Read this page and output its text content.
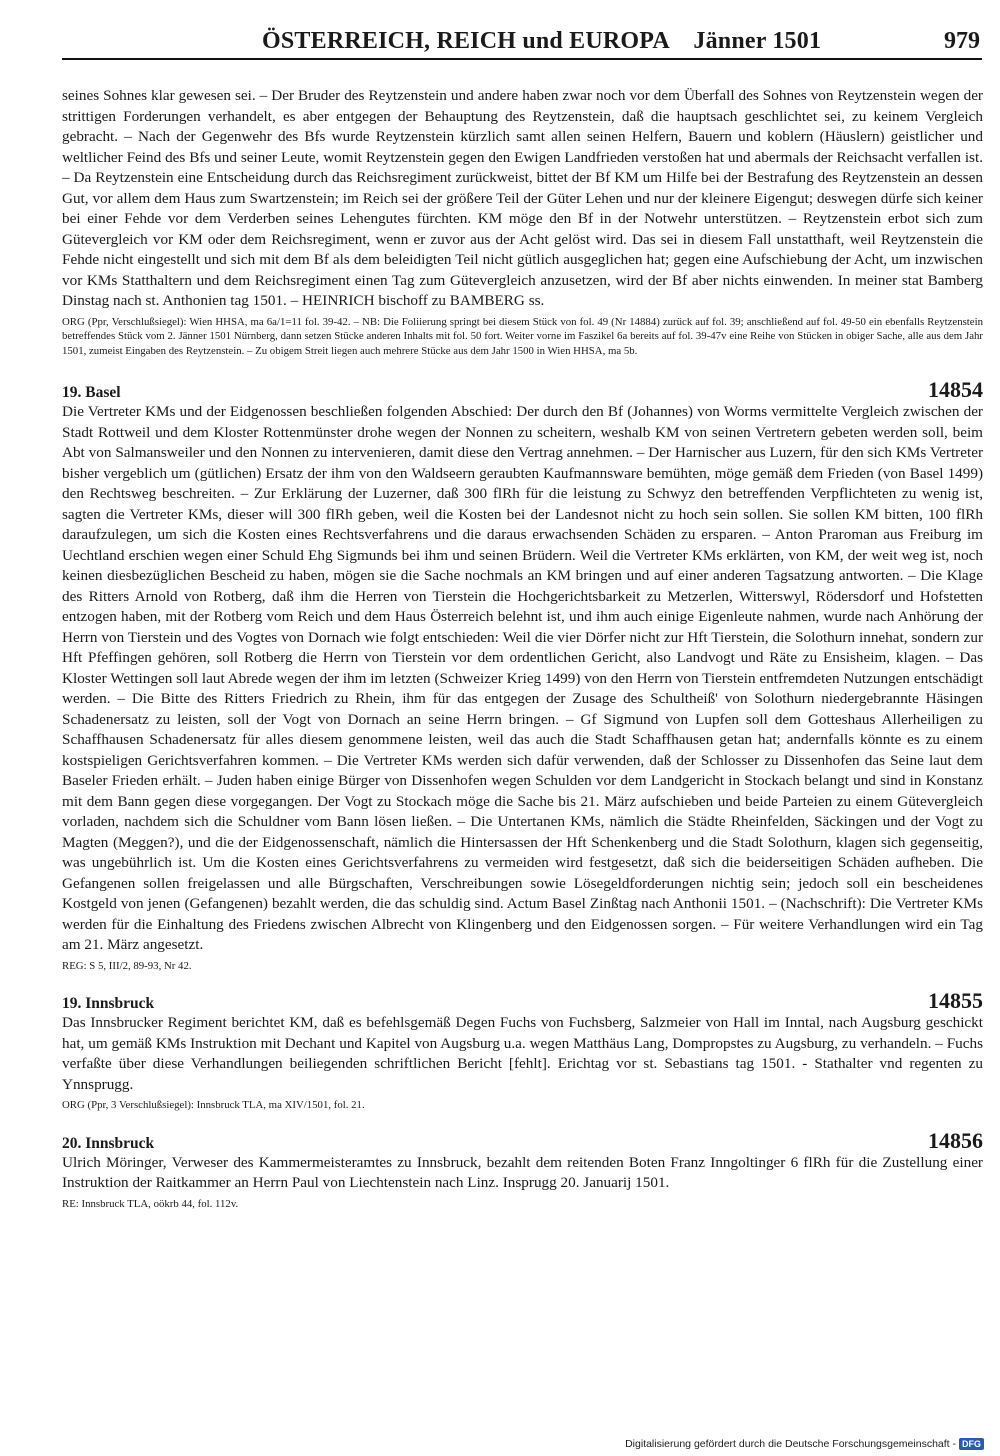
ÖSTERREICH, REICH und EUROPA    Jänner 1501	979

seines Sohnes klar gewesen sei. – Der Bruder des Reytzenstein und andere haben zwar noch vor dem Überfall des Sohnes von Reytzenstein wegen der strittigen Forderungen verhandelt, es aber entgegen der Behauptung des Reytzenstein, daß die hauptsach geschlichtet sei, zu keinem Vergleich gebracht. – Nach der Gegenwehr des Bfs wurde Reytzenstein kürzlich samt allen seinen Helfern, Bauern und koblern (Häuslern) geistlicher und weltlicher Feind des Bfs und seiner Leute, womit Reytzenstein gegen den Ewigen Landfrieden verstoßen hat und abermals der Reichsacht verfallen ist. – Da Reytzenstein eine Entscheidung durch das Reichsregiment zurückweist, bittet der Bf KM um Hilfe bei der Bestrafung des Reytzenstein an dessen Gut, vor allem dem Haus zum Swartzenstein; im Reich sei der größere Teil der Güter Lehen und nur der kleinere Eigengut; deswegen dürfe sich keiner bei einer Fehde vor dem Verderben seines Lehengutes fürchten. KM möge den Bf in der Notwehr unterstützen. – Reytzenstein erbot sich zum Gütevergleich vor KM oder dem Reichsregiment, wenn er zuvor aus der Acht gelöst wird. Das sei in diesem Fall unstatthaft, weil Reytzenstein die Fehde nicht eingestellt und sich mit dem Bf als dem beleidigten Teil nicht gütlich ausgeglichen hat; gegen eine Aufschiebung der Acht, um inzwischen vor KMs Statthaltern und dem Reichsregiment einen Tag zum Gütevergleich anzusetzen, wird der Bf aber nichts einwenden. In meiner stat Bamberg Dinstag nach st. Anthonien tag 1501. – HEINRICH bischoff zu BAMBERG ss.

ORG (Ppr, Verschlußsiegel): Wien HHSA, ma 6a/1=11 fol. 39-42. – NB: Die Foliierung springt bei diesem Stück von fol. 49 (Nr 14884) zurück auf fol. 39; anschließend auf fol. 49-50 ein ebenfalls Reytzenstein betreffendes Stück vom 2. Jänner 1501 Nürnberg, dann setzen Stücke anderen Inhalts mit fol. 50 fort. Weiter vorne im Faszikel 6a bereits auf fol. 39-47v eine Reihe von Stücken in obiger Sache, alle aus dem Jahr 1501, zumeist Eingaben des Reytzenstein. – Zu obigem Streit liegen auch mehrere Stücke aus dem Jahr 1500 in Wien HHSA, ma 5b.

19. Basel	14854

Die Vertreter KMs und der Eidgenossen beschließen folgenden Abschied: Der durch den Bf (Johannes) von Worms vermittelte Vergleich zwischen der Stadt Rottweil und dem Kloster Rottenmünster drohe wegen der Nonnen zu scheitern, weshalb KM von seinen Vertretern gebeten werden soll, beim Abt von Salmansweiler und den Nonnen zu intervenieren, damit diese den Vertrag annehmen. – Der Harnischer aus Luzern, für den sich KMs Vertreter bisher vergeblich um (gütlichen) Ersatz der ihm von den Waldseern geraubten Kaufmannsware bemühten, möge gemäß dem Frieden (von Basel 1499) den Rechtsweg beschreiten. – Zur Erklärung der Luzerner, daß 300 flRh für die leistung zu Schwyz den betreffenden Verpflichteten zu wenig ist, sagten die Vertreter KMs, dieser will 300 flRh geben, weil die Kosten bei der Landesnot nicht zu hoch sein sollen. Sie sollen KM bitten, 100 flRh daraufzulegen, um sich die Kosten eines Rechtsverfahrens und die daraus erwachsenden Schäden zu ersparen. – Anton Praroman aus Freiburg im Uechtland erschien wegen einer Schuld Ehg Sigmunds bei ihm und seinen Brüdern. Weil die Vertreter KMs erklärten, von KM, der weit weg ist, noch keinen diesbezüglichen Bescheid zu haben, mögen sie die Sache nochmals an KM bringen und auf einer anderen Tagsatzung antworten. – Die Klage des Ritters Arnold von Rotberg, daß ihm die Herren von Tierstein die Hochgerichtsbarkeit zu Metzerlen, Witterswyl, Rödersdorf und Hofstetten entzogen haben, mit der Rotberg vom Reich und dem Haus Österreich belehnt ist, und ihm auch einige Eigenleute nahmen, wurde nach Anhörung der Herrn von Tierstein und des Vogtes von Dornach wie folgt entschieden: Weil die vier Dörfer nicht zur Hft Tierstein, die Solothurn innehat, sondern zur Hft Pfeffingen gehören, soll Rotberg die Herrn von Tierstein vor dem ordentlichen Gericht, also Landvogt und Räte zu Ensisheim, klagen. – Das Kloster Wettingen soll laut Abrede wegen der ihm im letzten (Schweizer Krieg 1499) von den Herrn von Tierstein entfremdeten Nutzungen entschädigt werden. – Die Bitte des Ritters Friedrich zu Rhein, ihm für das entgegen der Zusage des Schultheiß' von Solothurn niedergebrannte Häsingen Schadenersatz zu leisten, soll der Vogt von Dornach an seine Herrn bringen. – Gf Sigmund von Lupfen soll dem Gotteshaus Allerheiligen zu Schaffhausen Schadenersatz für alles diesem genommene leisten, weil das auch die Stadt Schaffhausen getan hat; andernfalls könnte es zu einem kostspieligen Gerichtsverfahren kommen. – Die Vertreter KMs werden sich dafür verwenden, daß der Schlosser zu Dissenhofen das Seine laut dem Baseler Frieden erhält. – Juden haben einige Bürger von Dissenhofen wegen Schulden vor dem Landgericht in Stockach belangt und sind in Konstanz mit dem Bann gegen diese vorgegangen. Der Vogt zu Stockach möge die Sache bis 21. März aufschieben und beide Parteien zu einem Gütevergleich vorladen, nachdem sich die Schuldner vom Bann lösen ließen. – Die Untertanen KMs, nämlich die Städte Rheinfelden, Säckingen und der Vogt zu Magten (Meggen?), und die der Eidgenossenschaft, nämlich die Hintersassen der Hft Schenkenberg und die Stadt Solothurn, klagen sich gegenseitig, was ungebührlich ist. Um die Kosten eines Gerichtsverfahrens zu vermeiden wird festgesetzt, daß sich die beiderseitigen Schäden aufheben. Die Gefangenen sollen freigelassen und alle Bürgschaften, Verschreibungen sowie Lösegeldforderungen nichtig sein; jedoch soll ein bescheidenes Kostgeld von jenen (Gefangenen) bezahlt werden, die das schuldig sind. Actum Basel Zinßtag nach Anthonii 1501. – (Nachschrift): Die Vertreter KMs werden für die Einhaltung des Friedens zwischen Albrecht von Klingenberg und den Eidgenossen sorgen. – Für weitere Verhandlungen wird ein Tag am 21. März angesetzt.

REG: S 5, III/2, 89-93, Nr 42.

19. Innsbruck	14855

Das Innsbrucker Regiment berichtet KM, daß es befehlsgemäß Degen Fuchs von Fuchsberg, Salzmeier von Hall im Inntal, nach Augsburg geschickt hat, um gemäß KMs Instruktion mit Dechant und Kapitel von Augsburg u.a. wegen Matthäus Lang, Dompropstes zu Augsburg, zu verhandeln. – Fuchs verfaßte über diese Verhandlungen beiliegenden schriftlichen Bericht [fehlt]. Erichtag vor st. Sebastians tag 1501. - Stathalter vnd regenten zu Ynnsprugg.

ORG (Ppr, 3 Verschlußsiegel): Innsbruck TLA, ma XIV/1501, fol. 21.

20. Innsbruck	14856

Ulrich Möringer, Verweser des Kammermeisteramtes zu Innsbruck, bezahlt dem reitenden Boten Franz Inngoltinger 6 flRh für die Zustellung einer Instruktion der Raitkammer an Herrn Paul von Liechtenstein nach Linz. Insprugg 20. Januarij 1501.

RE: Innsbruck TLA, oökrb 44, fol. 112v.

Digitalisierung gefördert durch die Deutsche Forschungsgemeinschaft - DFG
